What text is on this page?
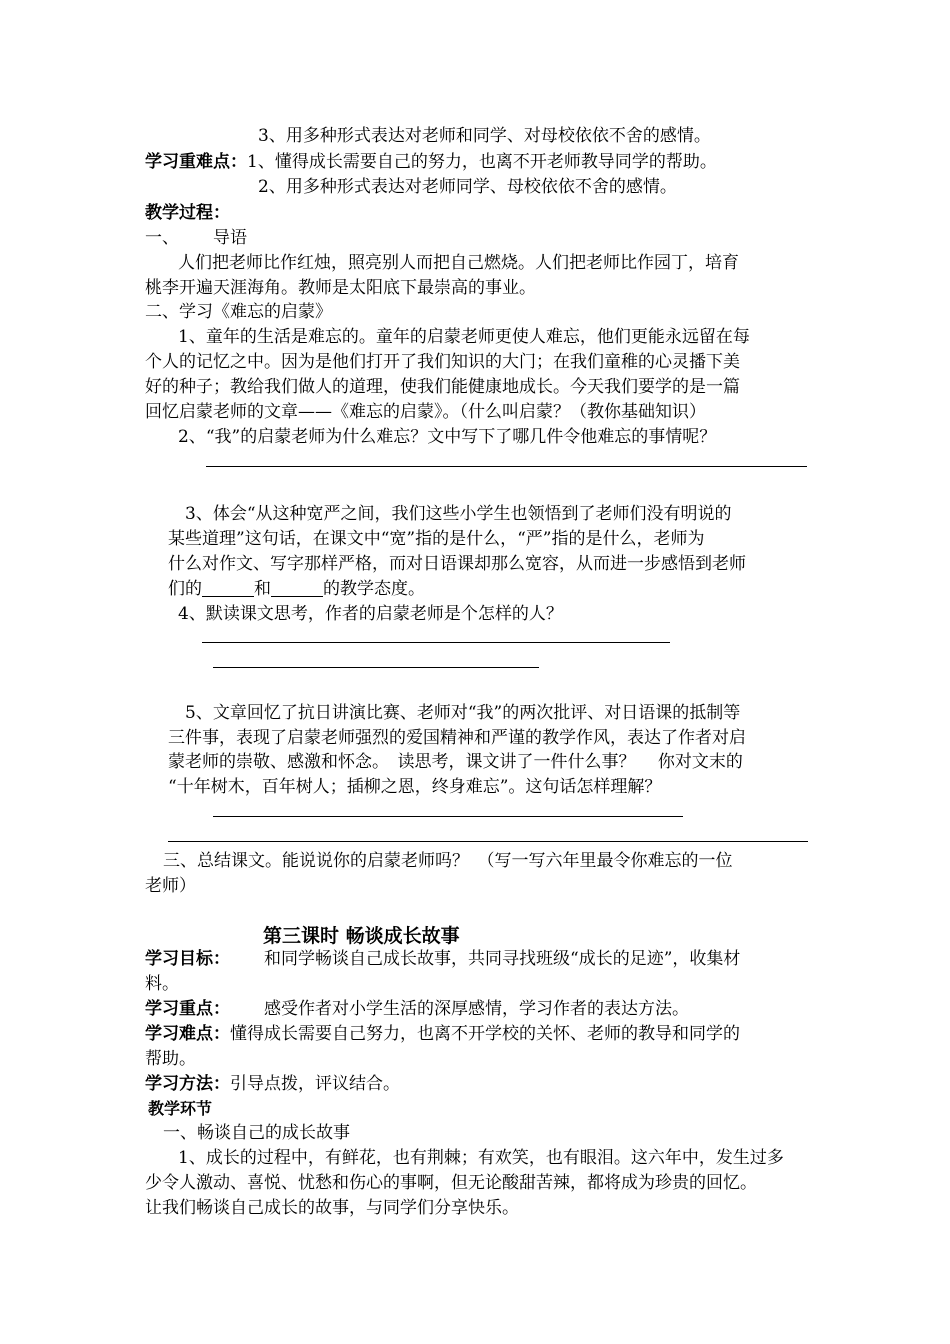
3、用多种形式表达对老师和同学、对母校依依不舍的感情。
学习重难点：1、懂得成长需要自己的努力，也离不开老师教导同学的帮助。
2、用多种形式表达对老师同学、母校依依不舍的感情。
教学过程：
一、 导语
人们把老师比作红烛，照亮别人而把自己燃烧。人们把老师比作园丁，培育
桃李开遍天涯海角。教师是太阳底下最崇高的事业。
二、学习《难忘的启蒙》
1、童年的生活是难忘的。童年的启蒙老师更使人难忘，他们更能永远留在每
个人的记忆之中。因为是他们打开了我们知识的大门；在我们童稚的心灵播下美
好的种子；教给我们做人的道理，使我们能健康地成长。今天我们要学的是一篇
回忆启蒙老师的文章——《难忘的启蒙》。（什么叫启蒙？（教你基础知识）
2、“我”的启蒙老师为什么难忘？文中写下了哪几件令他难忘的事情呢？
3、体会“从这种宽严之间，我们这些小学生也领悟到了老师们没有明说的
某些道理”这句话，在课文中“宽”指的是什么，“严”指的是什么，老师为
什么对作文、写字那样严格，而对日语课却那么宽容，从而进一步感悟到老师
们的	和	的教学态度。
4、默读课文思考，作者的启蒙老师是个怎样的人？
5、文章回忆了抗日讲演比赛、老师对“我”的两次批评、对日语课的抵制等
三件事，表现了启蒙老师强烈的爱国精神和严谨的教学作风，表达了作者对启
蒙老师的崇敬、感激和怀念。　读思考，课文讲了一件什么事？　 你对文末的
“十年树木，百年树人；插柳之恩，终身难忘”。这句话怎样理解？
三、总结课文。能说说你的启蒙老师吗？　（写一写六年里最令你难忘的一位
老师）
第三课时 畅谈成长故事
学习目标： 和同学畅谈自己成长故事，共同寻找班级“成长的足迹”，收集材
料。
学习重点： 感受作者对小学生活的深厚感情，学习作者的表达方法。
学习难点：懂得成长需要自己努力，也离不开学校的关怀、老师的教导和同学的
帮助。
学习方法：引导点拨，评议结合。
教学环节
一、畅谈自己的成长故事
1、成长的过程中，有鲜花，也有荆棘；有欢笑，也有眼泪。这六年中，发生过多
少令人激动、喜悦、忧愁和伤心的事啊，但无论酸甜苦辣，都将成为珍贵的回忆。
让我们畅谈自己成长的故事，与同学们分享快乐。
